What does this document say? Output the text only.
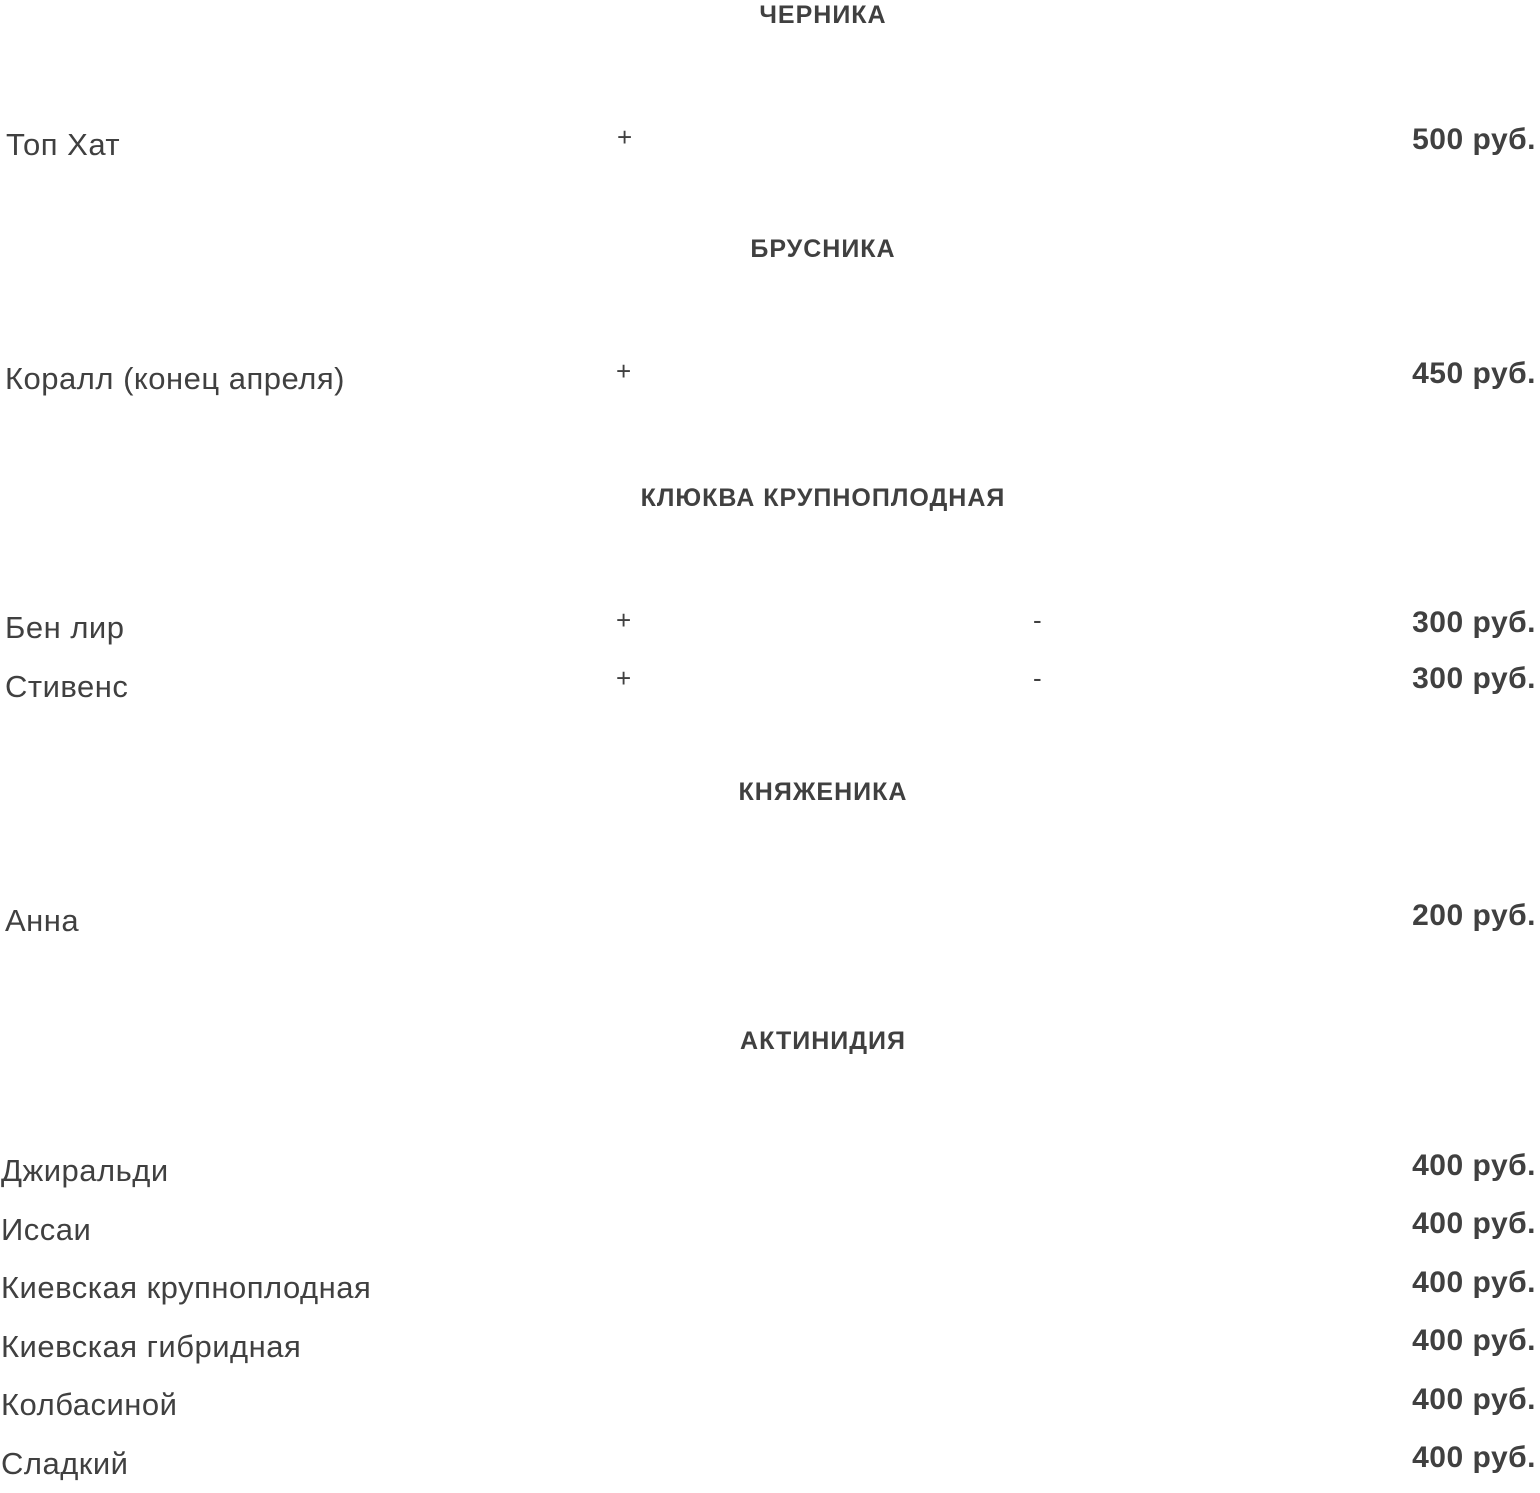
ЧЕРНИКА
Топ Хат	+	500 руб.
БРУСНИКА
Коралл (конец апреля)	+	450 руб.
КЛЮКВА КРУПНОПЛОДНАЯ
Бен лир	+	-	300 руб.
Стивенс	+	-	300 руб.
КНЯЖЕНИКА
Анна	200 руб.
АКТИНИДИЯ
Джиральди	400 руб.
Иссаи	400 руб.
Киевская крупноплодная	400 руб.
Киевская гибридная	400 руб.
Колбасиной	400 руб.
Сладкий	400 руб.
